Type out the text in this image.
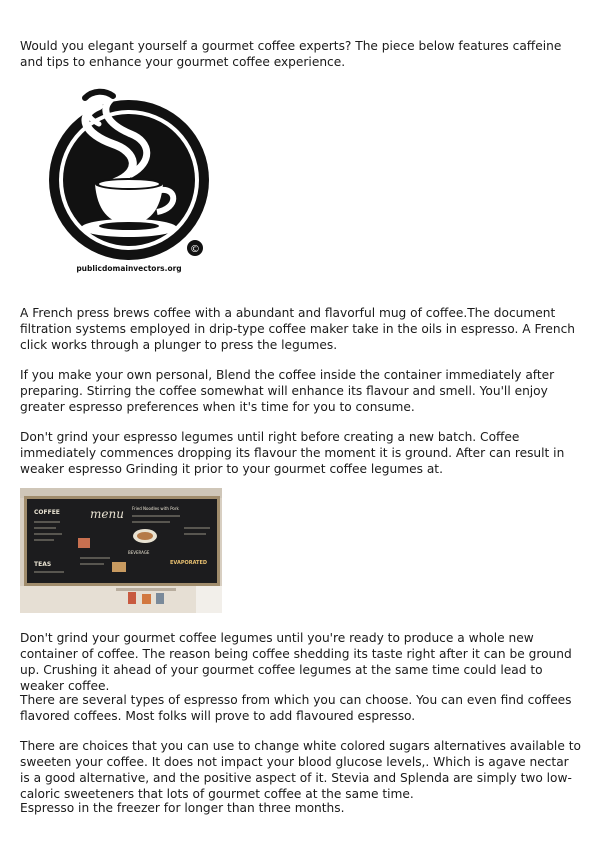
Would you elegant yourself a gourmet coffee experts? The piece below features caffeine and tips to enhance your gourmet coffee experience.

©
publicdomainvectors.org

A French press brews coffee with a abundant and flavorful mug of coffee.The document filtration systems employed in drip-type coffee maker take in the oils in espresso. A French click works through a plunger to press the legumes.

If you make your own personal, Blend the coffee inside the container immediately after preparing. Stirring the coffee somewhat will enhance its flavour and smell. You'll enjoy greater espresso preferences when it's time for you to consume.

Don't grind your espresso legumes until right before creating a new batch. Coffee immediately commences dropping its flavour the moment it is ground. After can result in weaker espresso Grinding it prior to your gourmet coffee legumes at.

menu
COFFEE
Fried Noodles with Pork
BEVERAGE
EVAPORATED
TEAS

Don't grind your gourmet coffee legumes until you're ready to produce a whole new container of coffee. The reason being coffee shedding its taste right after it can be ground up. Crushing it ahead of your gourmet coffee legumes at the same time could lead to weaker coffee.

There are several types of espresso from which you can choose. You can even find coffees flavored coffees. Most folks will prove to add flavoured espresso.

There are choices that you can use to change white colored sugars alternatives available to sweeten your coffee. It does not impact your blood glucose levels,. Which is agave nectar is a good alternative, and the positive aspect of it. Stevia and Splenda are simply two low-caloric sweeteners that lots of gourmet coffee at the same time.

Espresso in the freezer for longer than three months.
